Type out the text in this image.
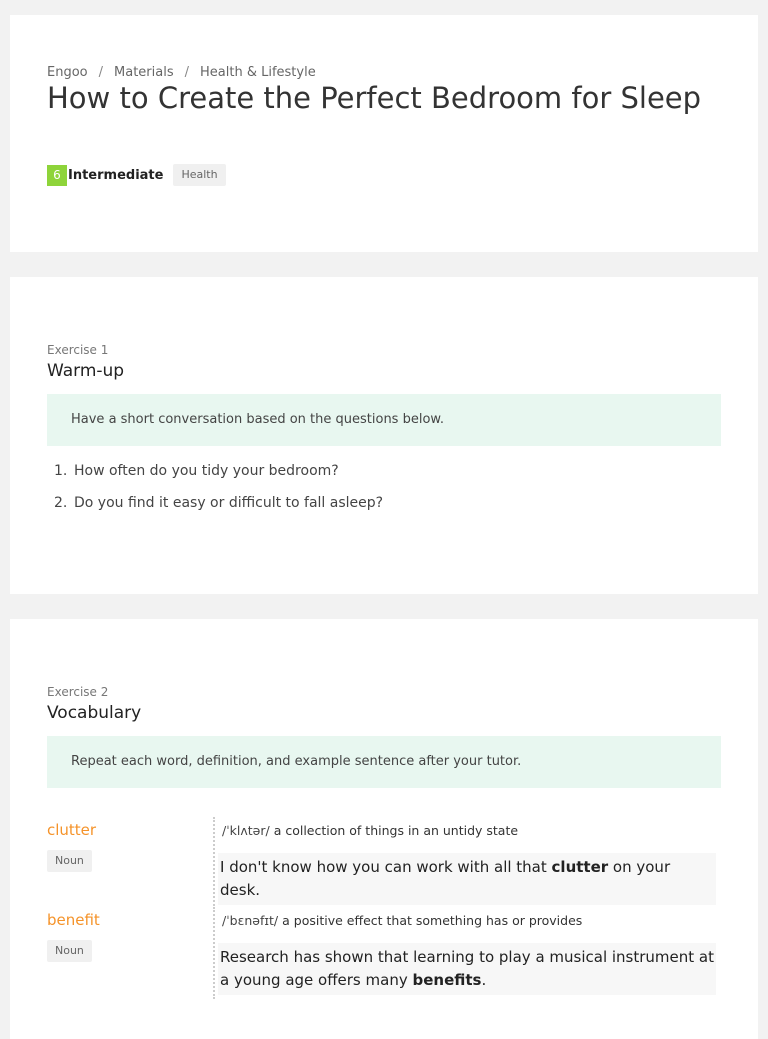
Engoo / Materials / Health & Lifestyle
How to Create the Perfect Bedroom for Sleep
6 Intermediate	Health
Exercise 1
Warm-up
Have a short conversation based on the questions below.
1. How often do you tidy your bedroom?
2. Do you find it easy or difficult to fall asleep?
Exercise 2
Vocabulary
Repeat each word, definition, and example sentence after your tutor.
clutter
Noun
/ˈklʌtər/ a collection of things in an untidy state
I don't know how you can work with all that clutter on your desk.
benefit
Noun
/ˈbɛnəfɪt/ a positive effect that something has or provides
Research has shown that learning to play a musical instrument at a young age offers many benefits.
